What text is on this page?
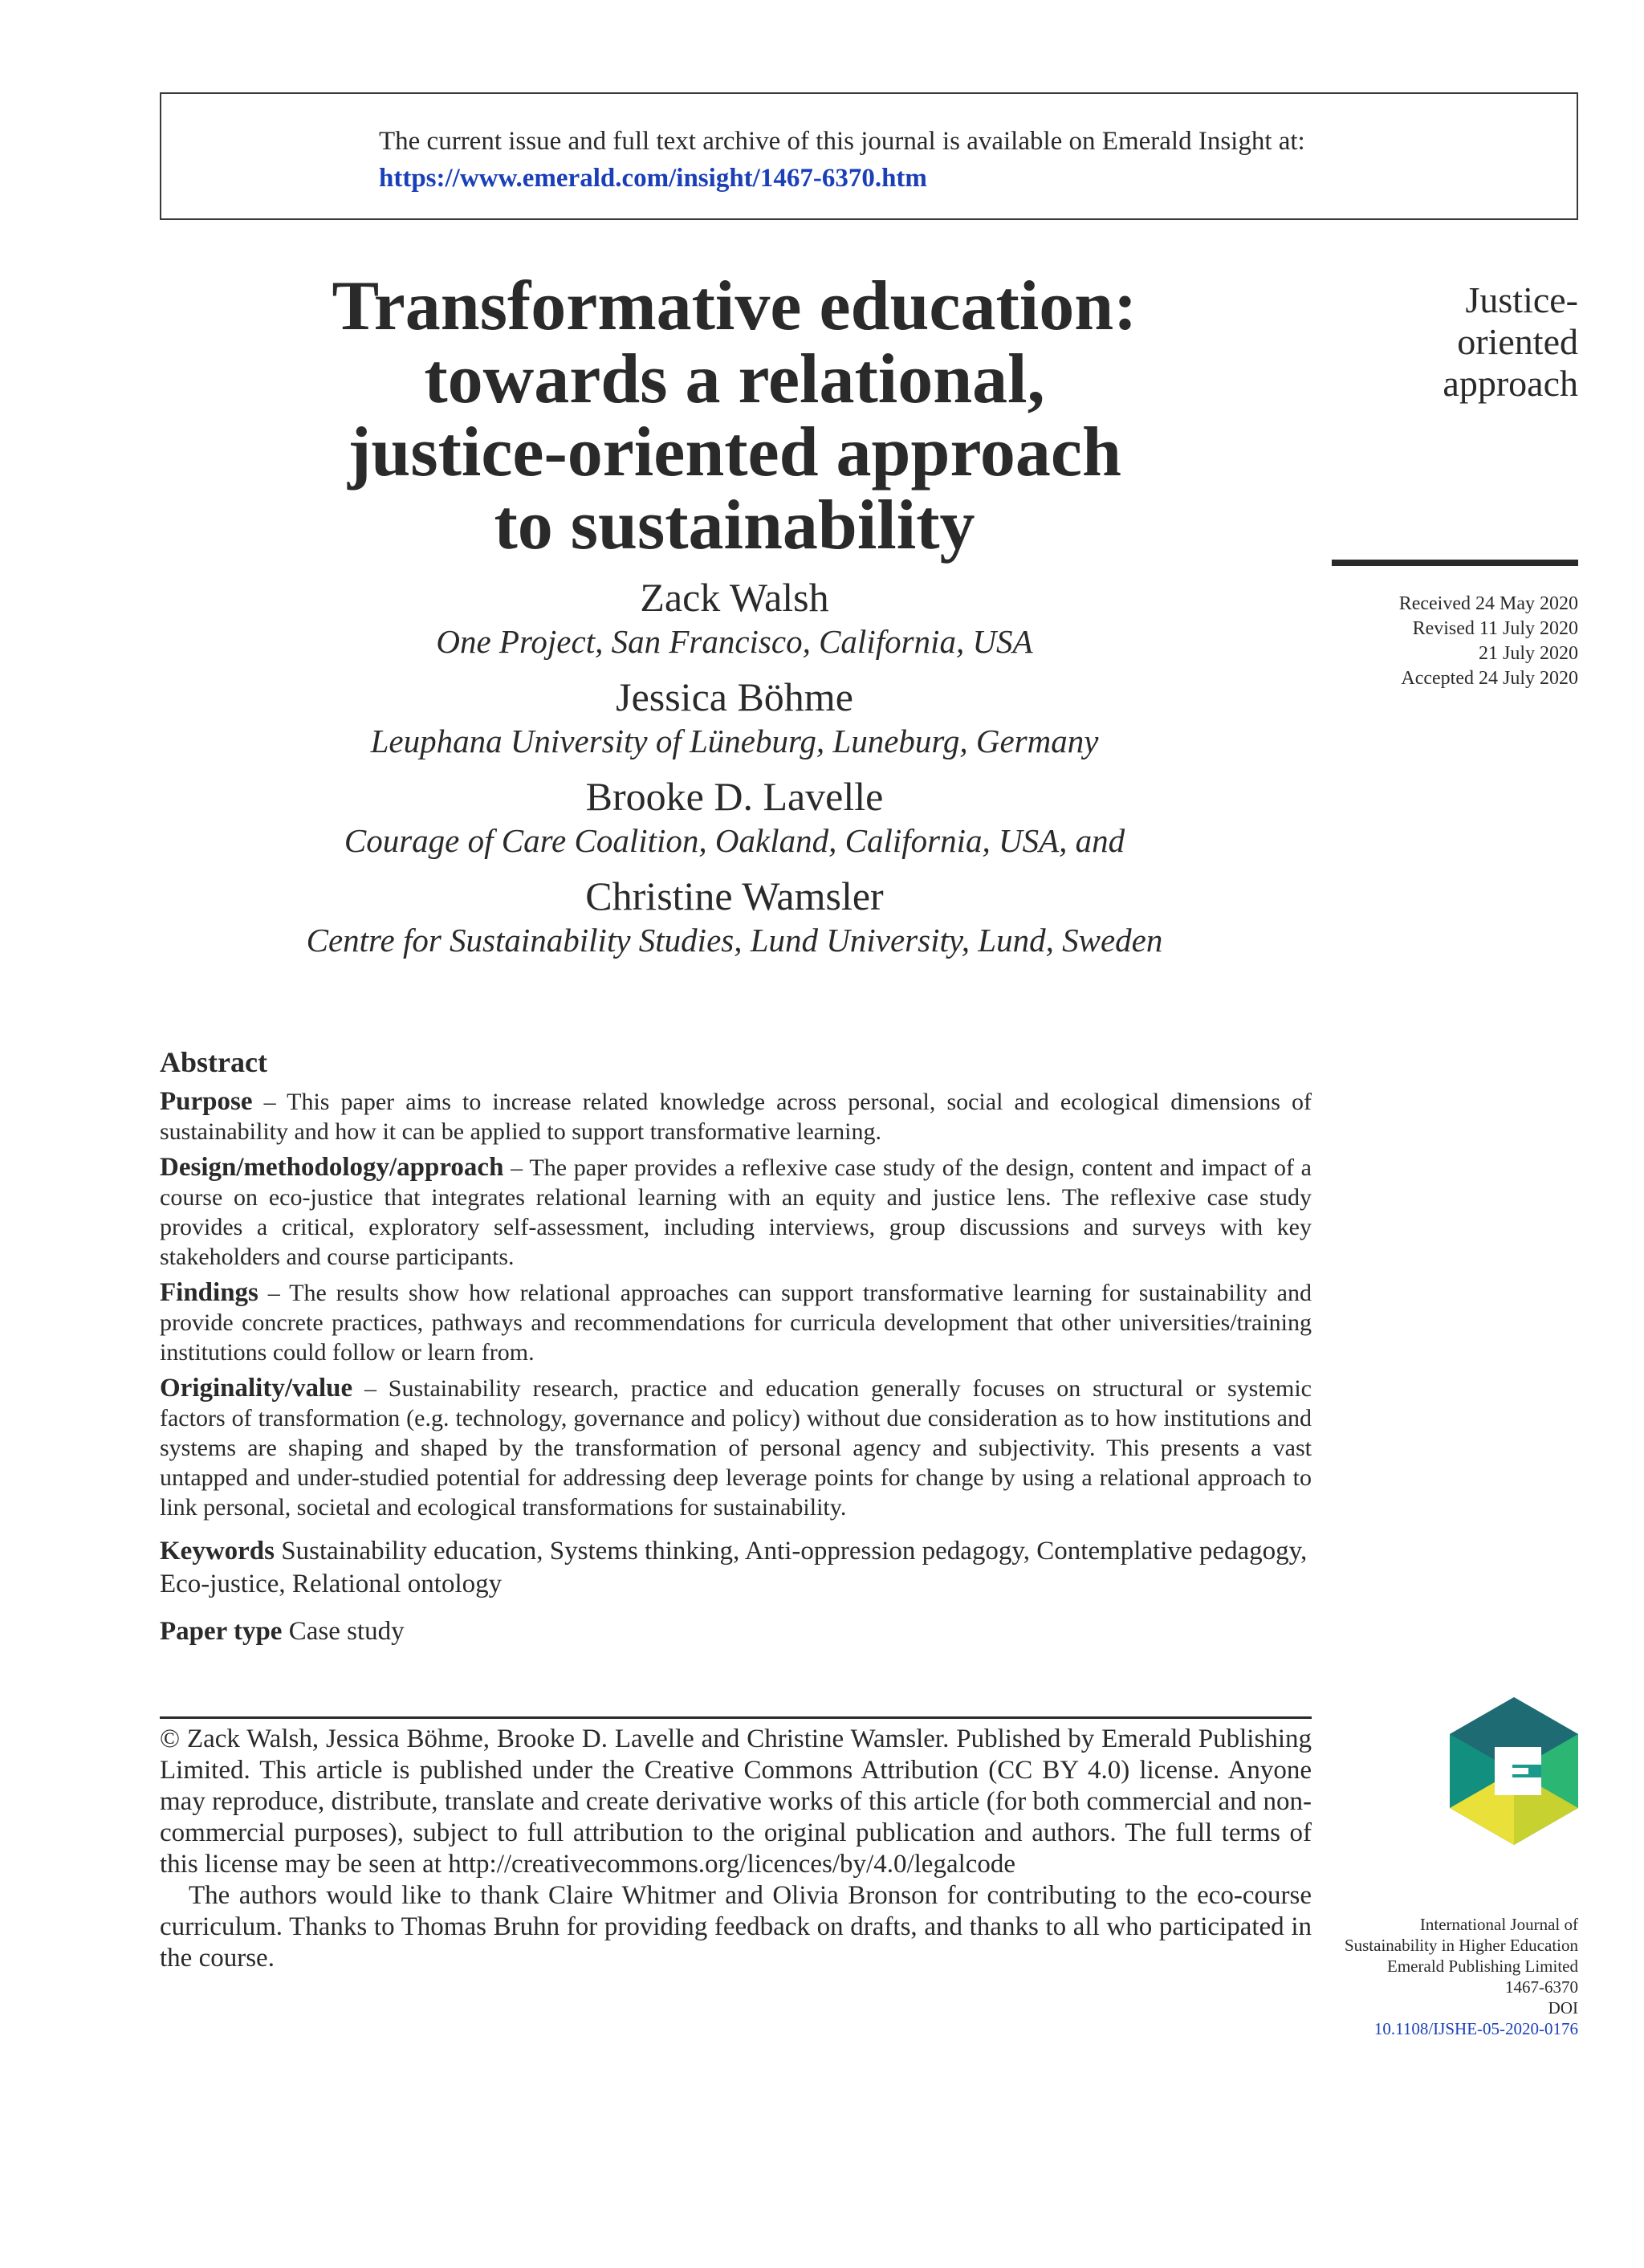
The current issue and full text archive of this journal is available on Emerald Insight at:
https://www.emerald.com/insight/1467-6370.htm
Transformative education:
towards a relational,
justice-oriented approach
to sustainability
Justice-
oriented
approach
Received 24 May 2020
Revised 11 July 2020
21 July 2020
Accepted 24 July 2020
Zack Walsh
One Project, San Francisco, California, USA
Jessica Böhme
Leuphana University of Lüneburg, Luneburg, Germany
Brooke D. Lavelle
Courage of Care Coalition, Oakland, California, USA, and
Christine Wamsler
Centre for Sustainability Studies, Lund University, Lund, Sweden
Abstract

Purpose – This paper aims to increase related knowledge across personal, social and ecological dimensions of sustainability and how it can be applied to support transformative learning.

Design/methodology/approach – The paper provides a reflexive case study of the design, content and impact of a course on eco-justice that integrates relational learning with an equity and justice lens. The reflexive case study provides a critical, exploratory self-assessment, including interviews, group discussions and surveys with key stakeholders and course participants.

Findings – The results show how relational approaches can support transformative learning for sustainability and provide concrete practices, pathways and recommendations for curricula development that other universities/training institutions could follow or learn from.

Originality/value – Sustainability research, practice and education generally focuses on structural or systemic factors of transformation (e.g. technology, governance and policy) without due consideration as to how institutions and systems are shaping and shaped by the transformation of personal agency and subjectivity. This presents a vast untapped and under-studied potential for addressing deep leverage points for change by using a relational approach to link personal, societal and ecological transformations for sustainability.

Keywords Sustainability education, Systems thinking, Anti-oppression pedagogy, Contemplative pedagogy, Eco-justice, Relational ontology
Paper type Case study

© Zack Walsh, Jessica Böhme, Brooke D. Lavelle and Christine Wamsler. Published by Emerald Publishing Limited. This article is published under the Creative Commons Attribution (CC BY 4.0) license. Anyone may reproduce, distribute, translate and create derivative works of this article (for both commercial and non-commercial purposes), subject to full attribution to the original publication and authors. The full terms of this license may be seen at http://creativecommons.org/licences/by/4.0/legalcode

The authors would like to thank Claire Whitmer and Olivia Bronson for contributing to the eco-course curriculum. Thanks to Thomas Bruhn for providing feedback on drafts, and thanks to all who participated in the course.

International Journal of
Sustainability in Higher Education
Emerald Publishing Limited
1467-6370
DOI
10.1108/IJSHE-05-2020-0176
